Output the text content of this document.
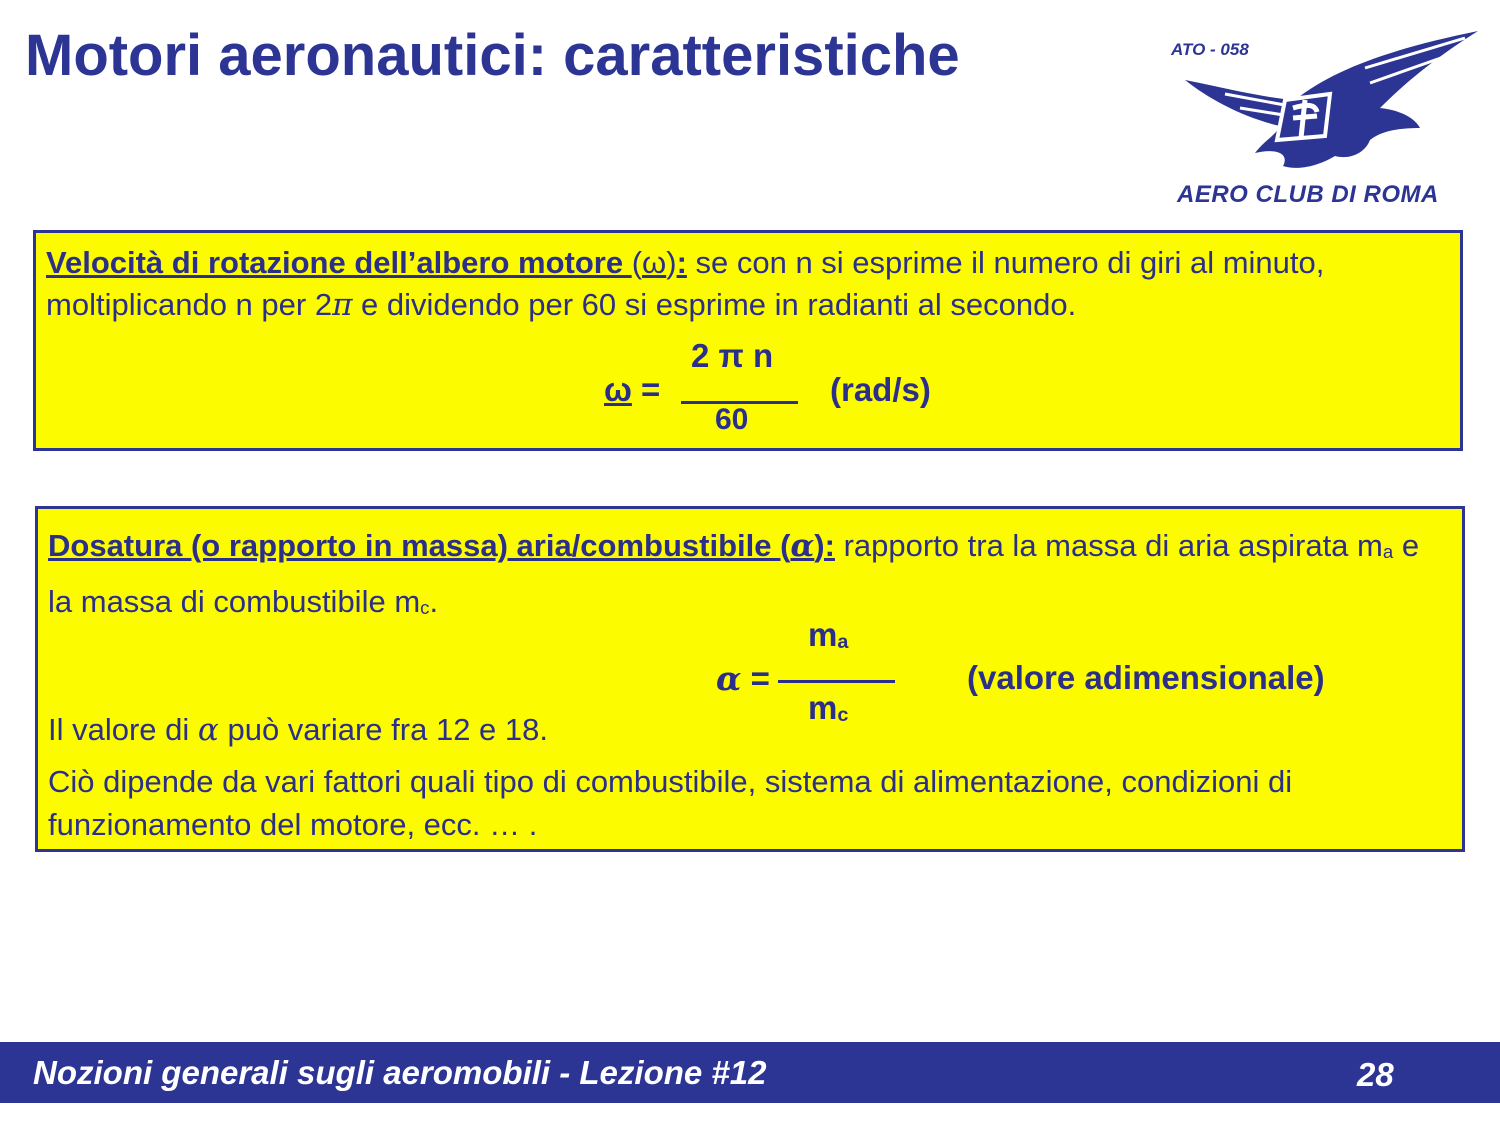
Motori aeronautici: caratteristiche	ATO - 058
AERO CLUB DI ROMA
Velocità di rotazione dell’albero motore (ω): se con n si esprime il numero di giri al minuto, moltiplicando n per 2π e dividendo per 60 si esprime in radianti al secondo.
ω =
2 π n
60
(rad/s)
Dosatura (o rapporto in massa) aria/combustibile (α): rapporto tra la massa di aria aspirata $m_a$ e la massa di combustibile $m_c$.
α =
$m_a$
$m_c$
(valore adimensionale)
Il valore di α può variare fra 12 e 18.
Ciò dipende da vari fattori quali tipo di combustibile, sistema di alimentazione, condizioni di funzionamento del motore, ecc. … .
Nozioni generali sugli aeromobili - Lezione #12	28
